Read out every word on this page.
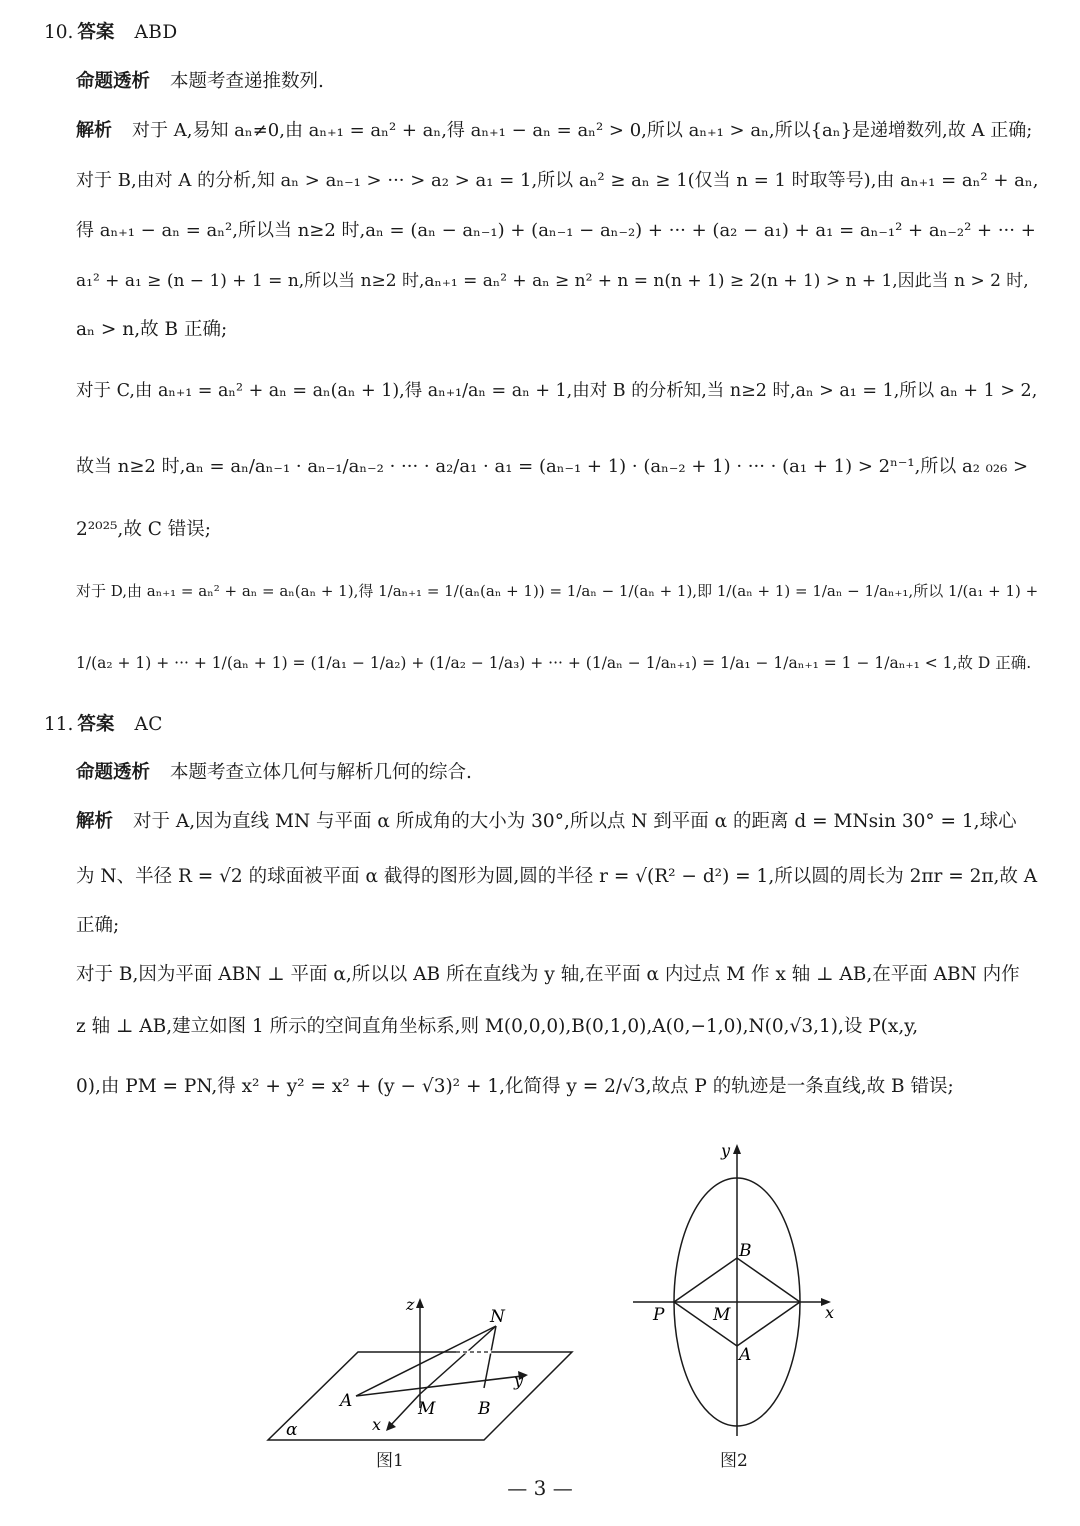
10. 答案 ABD
命题透析 本题考查递推数列.
解析 对于 A,易知 aₙ≠0,由 aₙ₊₁ = aₙ² + aₙ,得 aₙ₊₁ − aₙ = aₙ² > 0,所以 aₙ₊₁ > aₙ,所以{aₙ}是递增数列,故 A 正确;
对于 B,由对 A 的分析,知 aₙ > aₙ₋₁ > ··· > a₂ > a₁ = 1,所以 aₙ² ≥ aₙ ≥ 1(仅当 n = 1 时取等号),由 aₙ₊₁ = aₙ² + aₙ,
得 aₙ₊₁ − aₙ = aₙ²,所以当 n≥2 时,aₙ = (aₙ − aₙ₋₁) + (aₙ₋₁ − aₙ₋₂) + ··· + (a₂ − a₁) + a₁ = aₙ₋₁² + aₙ₋₂² + ··· +
a₁² + a₁ ≥ (n − 1) + 1 = n,所以当 n≥2 时,aₙ₊₁ = aₙ² + aₙ ≥ n² + n = n(n + 1) ≥ 2(n + 1) > n + 1,因此当 n > 2 时,
aₙ > n,故 B 正确;
对于 C,由 aₙ₊₁ = aₙ² + aₙ = aₙ(aₙ + 1),得 aₙ₊₁/aₙ = aₙ + 1,由对 B 的分析知,当 n≥2 时,aₙ > a₁ = 1,所以 aₙ + 1 > 2,
故当 n≥2 时,aₙ = aₙ/aₙ₋₁ · aₙ₋₁/aₙ₋₂ · ··· · a₂/a₁ · a₁ = (aₙ₋₁ + 1) · (aₙ₋₂ + 1) · ··· · (a₁ + 1) > 2ⁿ⁻¹,所以 a₂ ₀₂₆ >
2²⁰²⁵,故 C 错误;
对于 D,由 aₙ₊₁ = aₙ² + aₙ = aₙ(aₙ + 1),得 1/aₙ₊₁ = 1/(aₙ(aₙ + 1)) = 1/aₙ − 1/(aₙ + 1),即 1/(aₙ + 1) = 1/aₙ − 1/aₙ₊₁,所以 1/(a₁ + 1) +
1/(a₂ + 1) + ··· + 1/(aₙ + 1) = (1/a₁ − 1/a₂) + (1/a₂ − 1/a₃) + ··· + (1/aₙ − 1/aₙ₊₁) = 1/a₁ − 1/aₙ₊₁ = 1 − 1/aₙ₊₁ < 1,故 D 正确.
11. 答案 AC
命题透析 本题考查立体几何与解析几何的综合.
解析 对于 A,因为直线 MN 与平面 α 所成角的大小为 30°,所以点 N 到平面 α 的距离 d = MNsin 30° = 1,球心
为 N、半径 R = √2 的球面被平面 α 截得的图形为圆,圆的半径 r = √(R² − d²) = 1,所以圆的周长为 2πr = 2π,故 A
正确;
对于 B,因为平面 ABN ⊥ 平面 α,所以以 AB 所在直线为 y 轴,在平面 α 内过点 M 作 x 轴 ⊥ AB,在平面 ABN 内作
z 轴 ⊥ AB,建立如图 1 所示的空间直角坐标系,则 M(0,0,0),B(0,1,0),A(0,−1,0),N(0,√3,1),设 P(x,y,
0),由 PM = PN,得 x² + y² = x² + (y − √3)² + 1,化简得 y = 2/√3,故点 P 的轨迹是一条直线,故 B 错误;
z
N
y
A	M	B
x
α
图1
y
B
P	M	x
A
图2
— 3 —
